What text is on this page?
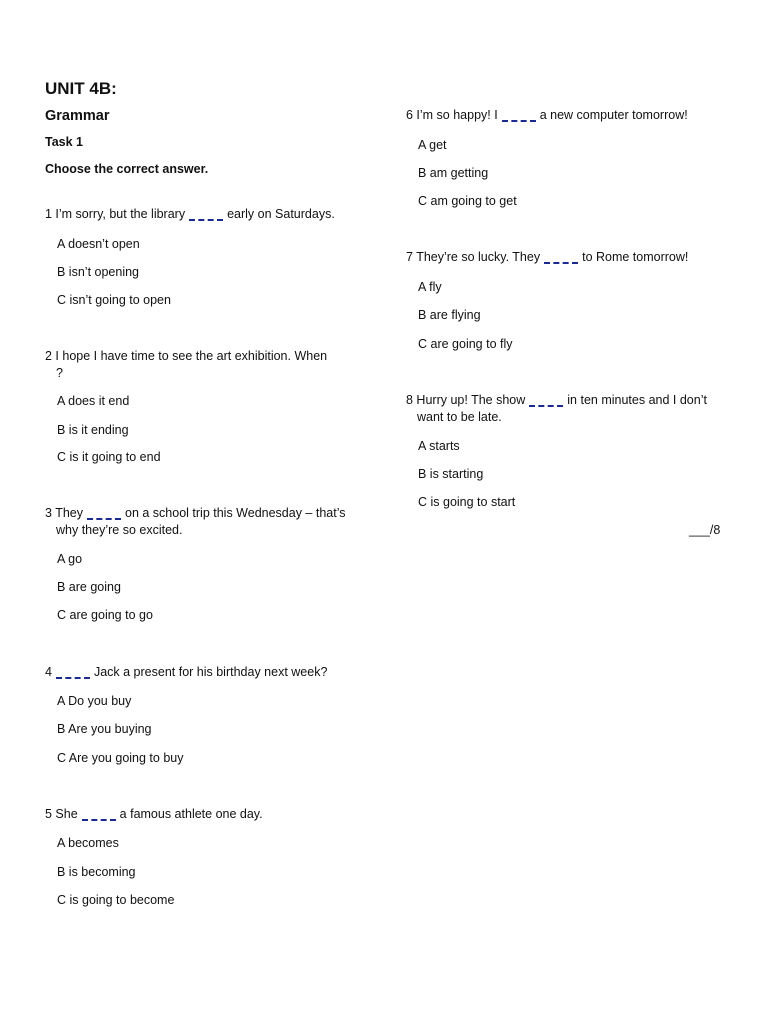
UNIT 4B:
Grammar
Task 1
Choose the correct answer.
1 I’m sorry, but the library	early on Saturdays.
A doesn’t open
B isn’t opening
C isn’t going to open
2 I hope I have time to see the art exhibition. When
?
A does it end
B is it ending
C is it going to end
3 They	on a school trip this Wednesday – that’s
why they’re so excited.
A go
B are going
C are going to go
4	Jack a present for his birthday next week?
A Do you buy
B Are you buying
C Are you going to buy
5 She	a famous athlete one day.
A becomes
B is becoming
C is going to become
6 I’m so happy! I	a new computer tomorrow!
A get
B am getting
C am going to get
7 They’re so lucky. They	to Rome tomorrow!
A fly
B are flying
C are going to fly
8 Hurry up! The show	in ten minutes and I don’t
want to be late.
A starts
B is starting
C is going to start
___/8
